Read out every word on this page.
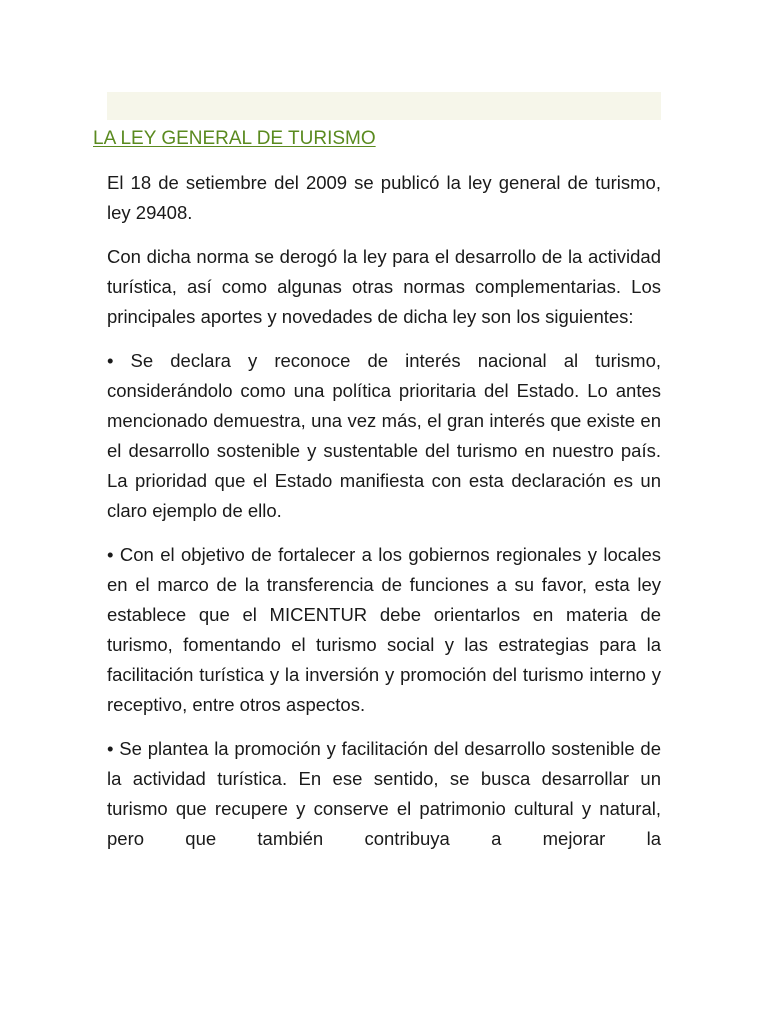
LA LEY GENERAL DE TURISMO

El 18 de setiembre del 2009 se publicó la ley general de turismo, ley 29408.

Con dicha norma se derogó la ley para el desarrollo de la actividad turística, así como algunas otras normas complementarias. Los principales aportes y novedades de dicha ley son los siguientes:

• Se declara y reconoce de interés nacional al turismo, considerándolo como una política prioritaria del Estado. Lo antes mencionado demuestra, una vez más, el gran interés que existe en el desarrollo sostenible y sustentable del turismo en nuestro país. La prioridad que el Estado manifiesta con esta declaración es un claro ejemplo de ello.

• Con el objetivo de fortalecer a los gobiernos regionales y locales en el marco de la transferencia de funciones a su favor, esta ley establece que el MICENTUR debe orientarlos en materia de turismo, fomentando el turismo social y las estrategias para la facilitación turística y la inversión y promoción del turismo interno y receptivo, entre otros aspectos.

• Se plantea la promoción y facilitación del desarrollo sostenible de la actividad turística. En ese sentido, se busca desarrollar un turismo que recupere y conserve el patrimonio cultural y natural, pero que también contribuya a mejorar la
